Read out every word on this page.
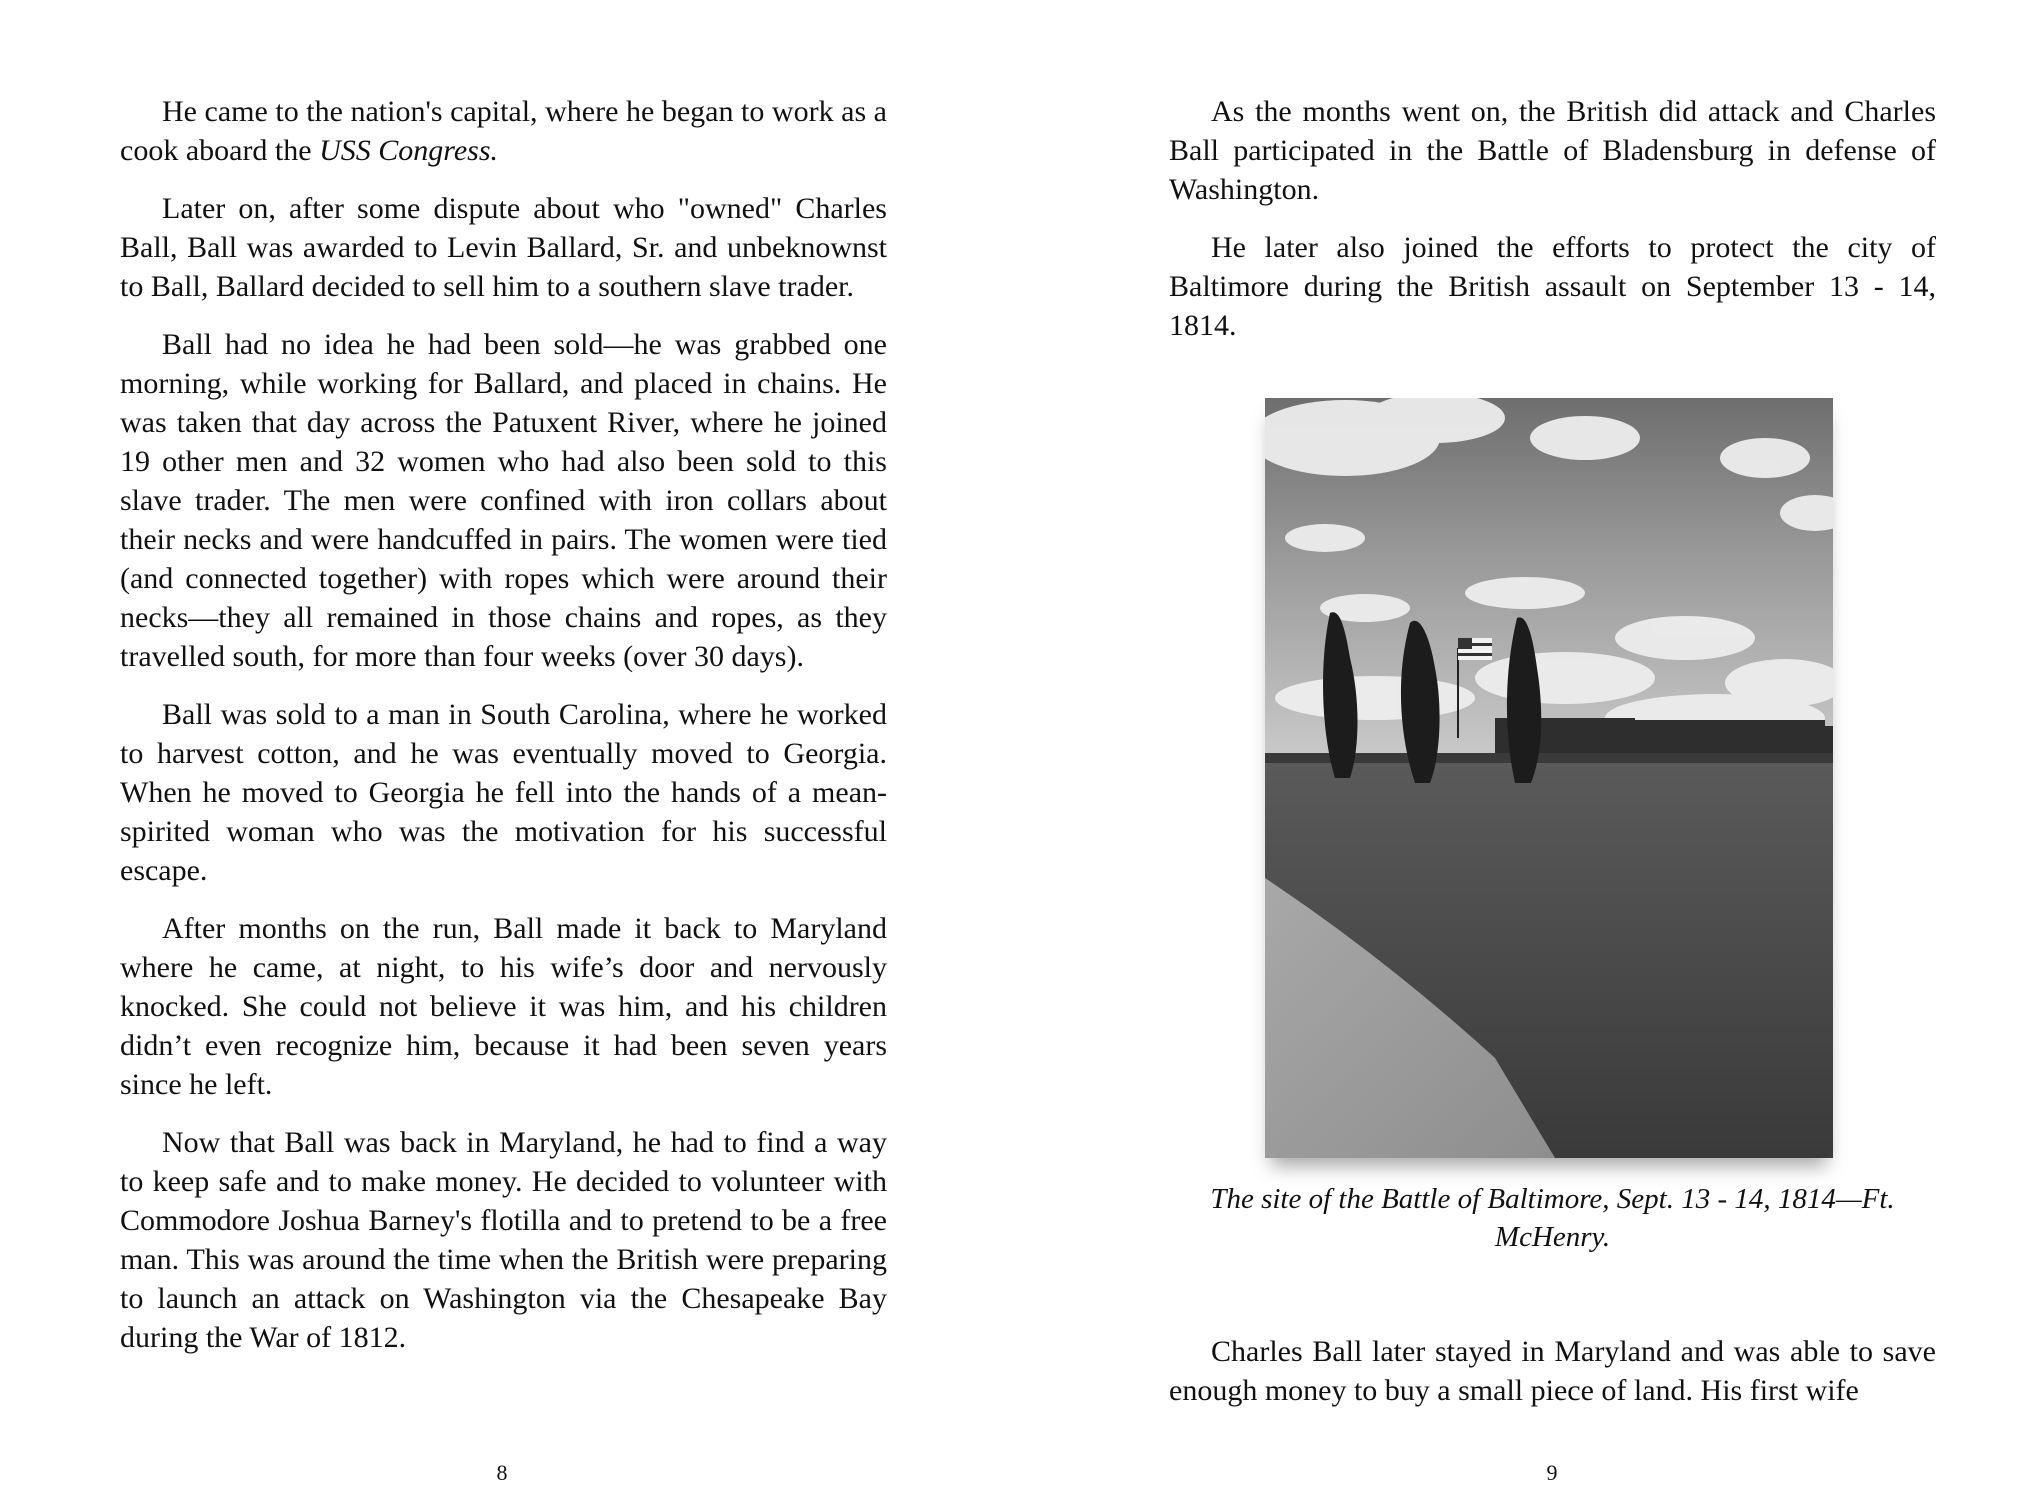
He came to the nation's capital, where he began to work as a cook aboard the USS Congress.

Later on, after some dispute about who "owned" Charles Ball, Ball was awarded to Levin Ballard, Sr. and unbeknownst to Ball, Ballard decided to sell him to a southern slave trader.

Ball had no idea he had been sold—he was grabbed one morning, while working for Ballard, and placed in chains. He was taken that day across the Patuxent River, where he joined 19 other men and 32 women who had also been sold to this slave trader. The men were confined with iron collars about their necks and were handcuffed in pairs. The women were tied (and connected together) with ropes which were around their necks—they all remained in those chains and ropes, as they travelled south, for more than four weeks (over 30 days).

Ball was sold to a man in South Carolina, where he worked to harvest cotton, and he was eventually moved to Georgia. When he moved to Georgia he fell into the hands of a mean-spirited woman who was the motivation for his successful escape.

After months on the run, Ball made it back to Maryland where he came, at night, to his wife’s door and nervously knocked. She could not believe it was him, and his children didn’t even recognize him, because it had been seven years since he left.

Now that Ball was back in Maryland, he had to find a way to keep safe and to make money. He decided to volunteer with Commodore Joshua Barney's flotilla and to pretend to be a free man. This was around the time when the British were preparing to launch an attack on Washington via the Chesapeake Bay during the War of 1812.

8

As the months went on, the British did attack and Charles Ball participated in the Battle of Bladensburg in defense of Washington.

He later also joined the efforts to protect the city of Baltimore during the British assault on September 13 - 14, 1814.

The site of the Battle of Baltimore, Sept. 13 - 14, 1814—Ft. McHenry.

Charles Ball later stayed in Maryland and was able to save enough money to buy a small piece of land. His first wife

9
